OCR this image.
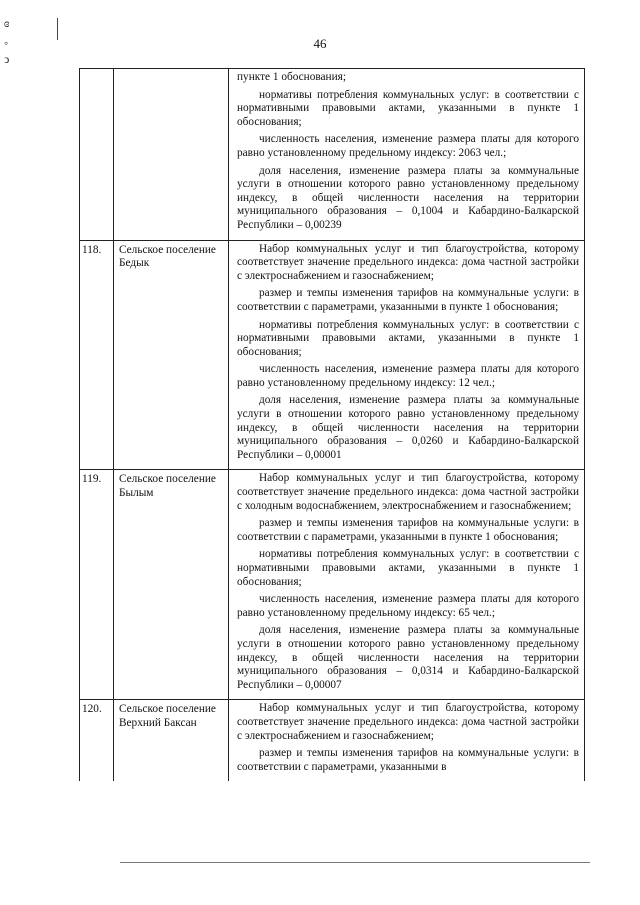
46
ɞ
◦
ↄ

		пункте 1 обоснования;

нормативы потребления коммунальных услуг: в соответствии с нормативными правовыми актами, указанными в пункте 1 обоснования;

численность населения, изменение размера платы для которого равно установленному предельному индексу: 2063 чел.;

доля населения, изменение размера платы за коммунальные услуги в отношении которого равно установленному предельному индексу, в общей численности населения на территории муниципального образования – 0,1004 и Кабардино-Балкарской Республики – 0,00239

118.	Сельское поселение Бедык	Набор коммунальных услуг и тип благоустройства, которому соответствует значение предельного индекса: дома частной застройки с электроснабжением и газоснабжением;

размер и темпы изменения тарифов на коммунальные услуги: в соответствии с параметрами, указанными в пункте 1 обоснования;

нормативы потребления коммунальных услуг: в соответствии с нормативными правовыми актами, указанными в пункте 1 обоснования;

численность населения, изменение размера платы для которого равно установленному предельному индексу: 12 чел.;

доля населения, изменение размера платы за коммунальные услуги в отношении которого равно установленному предельному индексу, в общей численности населения на территории муниципального образования – 0,0260 и Кабардино-Балкарской Республики – 0,00001

119.	Сельское поселение Былым	Набор коммунальных услуг и тип благоустройства, которому соответствует значение предельного индекса: дома частной застройки с холодным водоснабжением, электроснабжением и газоснабжением;

размер и темпы изменения тарифов на коммунальные услуги: в соответствии с параметрами, указанными в пункте 1 обоснования;

нормативы потребления коммунальных услуг: в соответствии с нормативными правовыми актами, указанными в пункте 1 обоснования;

численность населения, изменение размера платы для которого равно установленному предельному индексу: 65 чел.;

доля населения, изменение размера платы за коммунальные услуги в отношении которого равно установленному предельному индексу, в общей численности населения на территории муниципального образования – 0,0314 и Кабардино-Балкарской Республики – 0,00007

120.	Сельское поселение Верхний Баксан	Набор коммунальных услуг и тип благоустройства, которому соответствует значение предельного индекса: дома частной застройки с электроснабжением и газоснабжением;

размер и темпы изменения тарифов на коммунальные услуги: в соответствии с параметрами, указанными в
